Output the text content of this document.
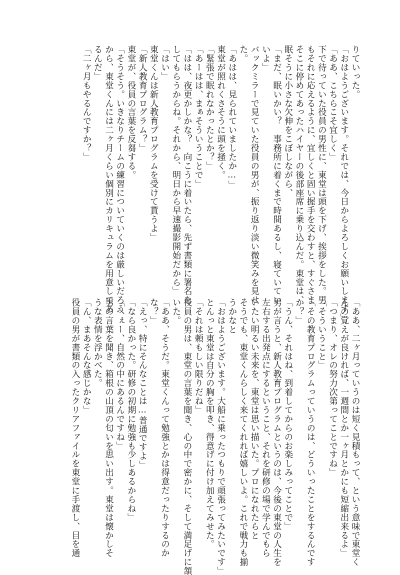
りていった。
「おはようございます。それでは、今日からよろしくお願いします」
「ああ、こちらこそ宜しく」
下で待っていた役員の男性に、東堂は頭を下げ、挨拶をした。男
もそれに応えるように、宜しくと固い握手を交わすと、すぐさま
そこに停めてあったハイヤーの後部座席に乗り込んだ。東堂は、
眠そうに小さな欠伸をこぼしながら、
「まだ、眠いかい？　事務所に着くまで時間あるし、寝ていてい
いよ」
バックミラーで見ていた役員の男が、振り返り淡い微笑みを見せ
た。
「あはは、見られていましたか…」
東堂が照れくさそうに頭を掻く。
「緊張で眠れなかったとか？」
「あーはは、まぁそういうことで」
「はは、夜更かしかな？　向こうに着いたら、先ず書類に署名を
してもらうからね。それから、明日から早速撮影開始だから」
「はい」
東堂くんは新人教育プログラムを受けて貰うよ」
「新人教育プログラム？」
東堂が、役員の言葉を反芻する。
「そうそう。いきなりチームの練習についていくのは厳しいだろう
から、東堂くんには二ヶ月くらい個別にカリキュラムを用意してあ
るんだ」
「二ヶ月もやるんですか？」
「ああ、二ヶ月っていうのは短く見積もって、という意味で東堂く
んの覚えが良ければ、一週間とか一ヶ月とかにも短縮出来るよ」
「つまり、オレの努力次第ってことですね」
「そういうこと」
「その教育プログラムっていうのは、どういったことをするんです
か？」
「うん、それはね、到着してからのお楽しみってことで」
男が言うと、新人教育プログラムというのは、今後の東堂の人生を
左右する出発点にするということ、それを研修の場で学んでもら
いたい明るい未来を、東堂は思い描いた。プロになれたらと
そうでも、東堂くんらしく来てくれれば嬉しいよ。これで戦力も揃
うかなと
「おはようございます。大船に乗ったつもりで頑張ってみたいです」
とんっと東堂は自分の胸を叩き、得意げに付け加えてみせた。
「それは頼もしい限りだね」
役員の男は、東堂の言葉を聞き、心の中で密かに、そして満足げに頷
いた。
「ああ、そうだ。東堂くんって勉強とかは得意だったりするのか
な？」
「えっ、特にそんなことは…普通ですよ」
「なら良かった。研修の初期に勉強も少しあるからね」
「へぇー、自然の中にあるんですね」
男の言葉を聞き、箱根の山頂の匂いを思い出す。東堂は懐かしそ
うな表情を浮かべた。
「ん、まあそんな感じかな」
役員の男が書類の入ったクリアファイルを東堂に手渡し、目を通
